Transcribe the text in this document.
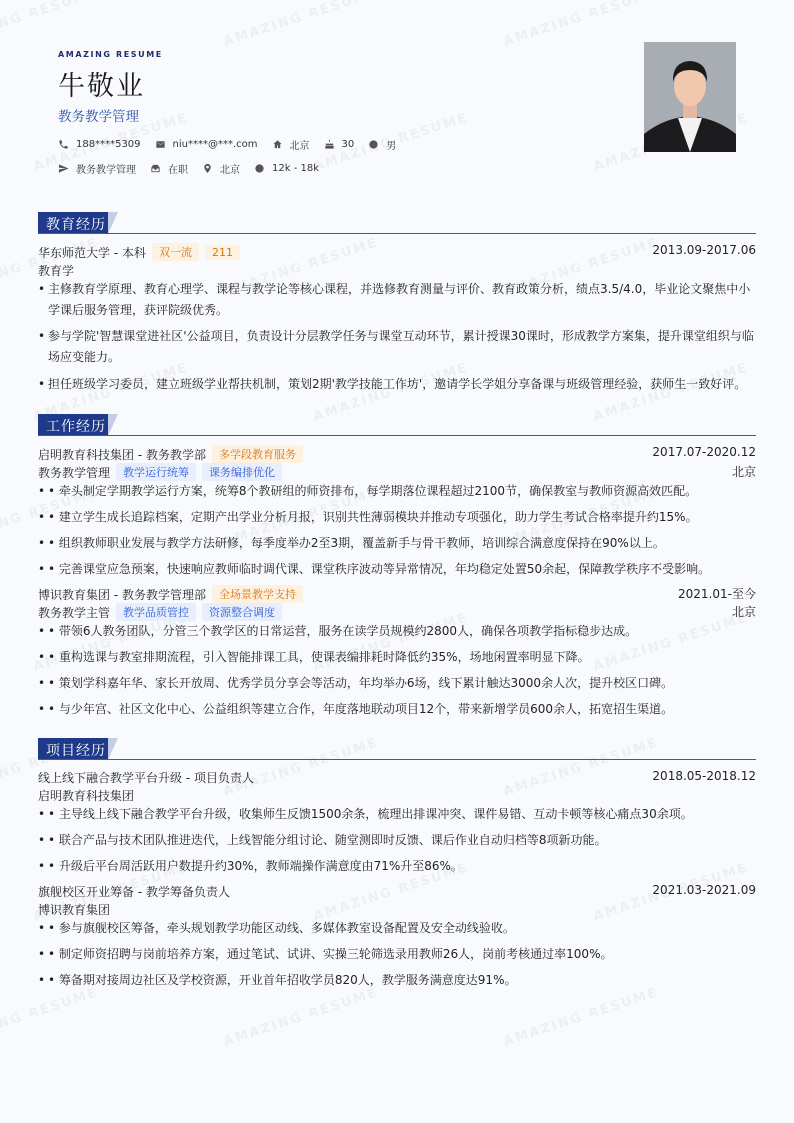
AMAZING RESUME
牛敬业
教务教学管理
188****5309	niu****@***.com	北京	30	男
教务教学管理	在职	北京	12k - 18k
教育经历
华东师范大学 - 本科	双一流	211	2013.09-2017.06
教育学
• 主修教育学原理、教育心理学、课程与教学论等核心课程，并选修教育测量与评价、教育政策分析，绩点3.5/4.0，毕业论文聚焦中小学课后服务管理，获评院级优秀。
• 参与学院'智慧课堂进社区'公益项目，负责设计分层教学任务与课堂互动环节，累计授课30课时，形成教学方案集，提升课堂组织与临场应变能力。
• 担任班级学习委员，建立班级学业帮扶机制，策划2期'教学技能工作坊'，邀请学长学姐分享备课与班级管理经验，获师生一致好评。
工作经历
启明教育科技集团 - 教务教学部	多学段教育服务	2017.07-2020.12
教务教学管理	教学运行统筹	课务编排优化	北京
• • 牵头制定学期教学运行方案，统筹8个教研组的师资排布，每学期落位课程超过2100节，确保教室与教师资源高效匹配。
• • 建立学生成长追踪档案，定期产出学业分析月报，识别共性薄弱模块并推动专项强化，助力学生考试合格率提升约15%。
• • 组织教师职业发展与教学方法研修，每季度举办2至3期，覆盖新手与骨干教师，培训综合满意度保持在90%以上。
• • 完善课堂应急预案，快速响应教师临时调代课、课堂秩序波动等异常情况，年均稳定处置50余起，保障教学秩序不受影响。
博识教育集团 - 教务教学管理部	全场景教学支持	2021.01-至今
教务教学主管	教学品质管控	资源整合调度	北京
• • 带领6人教务团队，分管三个教学区的日常运营，服务在读学员规模约2800人，确保各项教学指标稳步达成。
• • 重构选课与教室排期流程，引入智能排课工具，使课表编排耗时降低约35%，场地闲置率明显下降。
• • 策划学科嘉年华、家长开放周、优秀学员分享会等活动，年均举办6场，线下累计触达3000余人次，提升校区口碑。
• • 与少年宫、社区文化中心、公益组织等建立合作，年度落地联动项目12个，带来新增学员600余人，拓宽招生渠道。
项目经历
线上线下融合教学平台升级 - 项目负责人	2018.05-2018.12
启明教育科技集团
• • 主导线上线下融合教学平台升级，收集师生反馈1500余条，梳理出排课冲突、课件易错、互动卡顿等核心痛点30余项。
• • 联合产品与技术团队推进迭代，上线智能分组讨论、随堂测即时反馈、课后作业自动归档等8项新功能。
• • 升级后平台周活跃用户数提升约30%，教师端操作满意度由71%升至86%。
旗舰校区开业筹备 - 教学筹备负责人	2021.03-2021.09
博识教育集团
• • 参与旗舰校区筹备，牵头规划教学功能区动线、多媒体教室设备配置及安全动线验收。
• • 制定师资招聘与岗前培养方案，通过笔试、试讲、实操三轮筛选录用教师26人，岗前考核通过率100%。
• • 筹备期对接周边社区及学校资源，开业首年招收学员820人，教学服务满意度达91%。
